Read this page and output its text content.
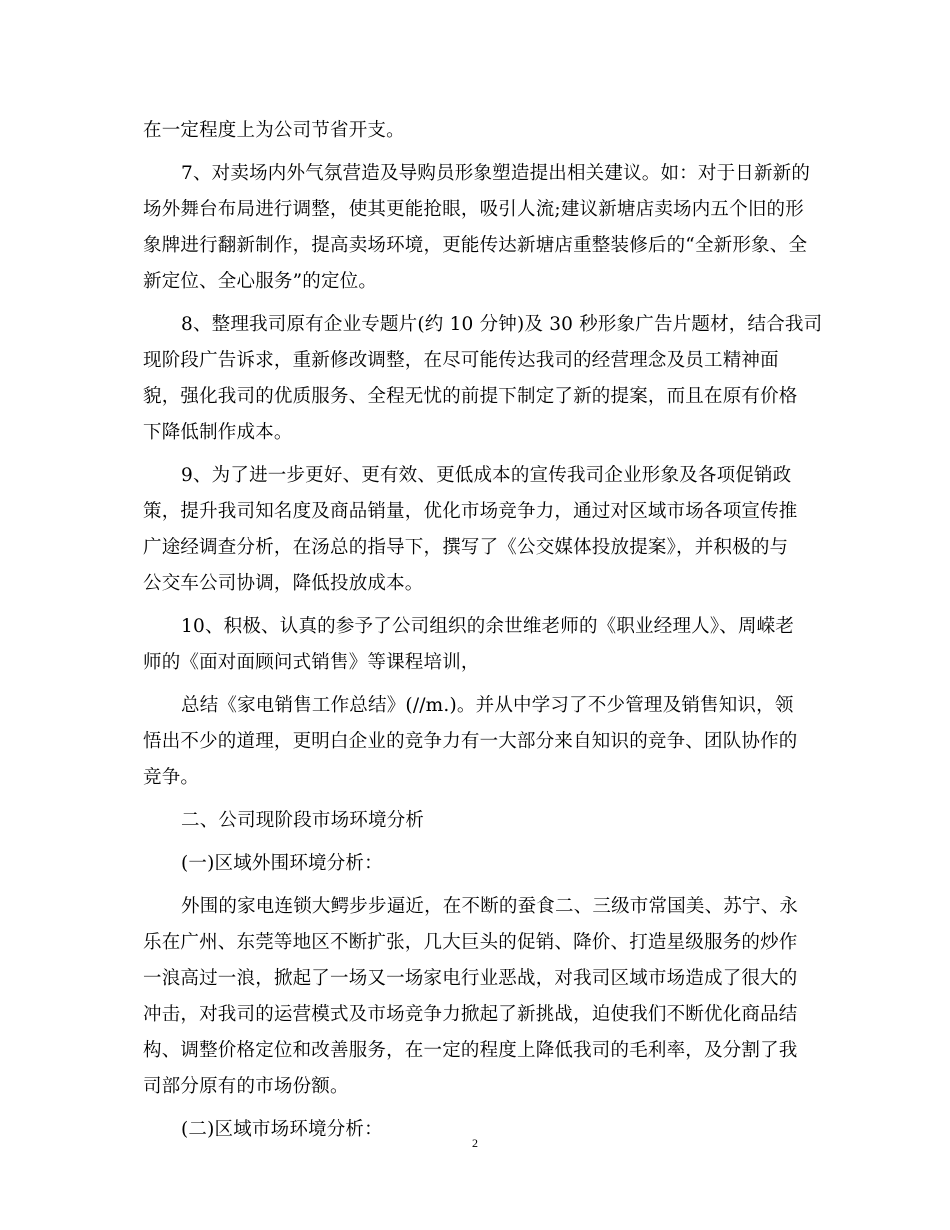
在一定程度上为公司节省开支。
7、对卖场内外气氛营造及导购员形象塑造提出相关建议。如：对于日新新的
场外舞台布局进行调整，使其更能抢眼，吸引人流;建议新塘店卖场内五个旧的形
象牌进行翻新制作，提高卖场环境，更能传达新塘店重整装修后的“全新形象、全
新定位、全心服务”的定位。
8、整理我司原有企业专题片(约 10 分钟)及 30 秒形象广告片题材，结合我司
现阶段广告诉求，重新修改调整，在尽可能传达我司的经营理念及员工精神面
貌，强化我司的优质服务、全程无忧的前提下制定了新的提案，而且在原有价格
下降低制作成本。
9、为了进一步更好、更有效、更低成本的宣传我司企业形象及各项促销政
策，提升我司知名度及商品销量，优化市场竞争力，通过对区域市场各项宣传推
广途经调查分析，在汤总的指导下，撰写了《公交媒体投放提案》，并积极的与
公交车公司协调，降低投放成本。
10、积极、认真的参予了公司组织的余世维老师的《职业经理人》、周嵘老
师的《面对面顾问式销售》等课程培训，
总结《家电销售工作总结》(//m.)。并从中学习了不少管理及销售知识，领
悟出不少的道理，更明白企业的竞争力有一大部分来自知识的竞争、团队协作的
竞争。
二、公司现阶段市场环境分析
(一)区域外围环境分析：
外围的家电连锁大鳄步步逼近，在不断的蚕食二、三级市常国美、苏宁、永
乐在广州、东莞等地区不断扩张，几大巨头的促销、降价、打造星级服务的炒作
一浪高过一浪，掀起了一场又一场家电行业恶战，对我司区域市场造成了很大的
冲击，对我司的运营模式及市场竞争力掀起了新挑战，迫使我们不断优化商品结
构、调整价格定位和改善服务，在一定的程度上降低我司的毛利率，及分割了我
司部分原有的市场份额。
(二)区域市场环境分析：
2
